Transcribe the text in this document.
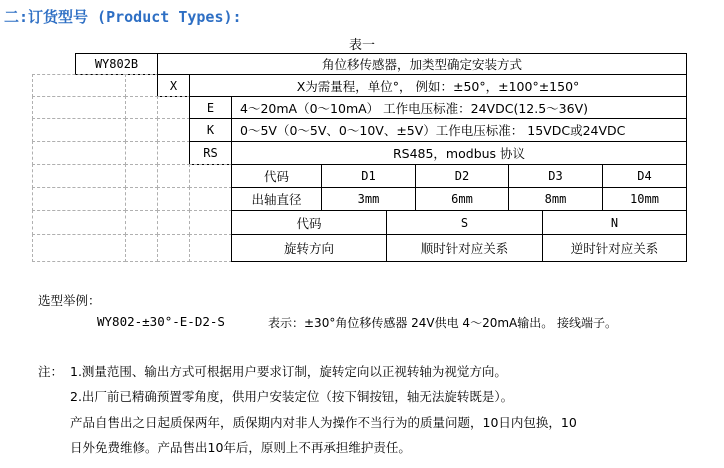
二:订货型号 (Product Types):
表一
WY802B	角位移传感器，加类型确定安装方式
X	X为需量程，单位°， 例如：±50°，±100°±150°
E	4～20mA（0～10mA） 工作电压标准：24VDC(12.5～36V)
K	0～5V（0～5V、0～10V、±5V）工作电压标准： 15VDC或24VDC
RS	RS485，modbus 协议
代码	D1	D2	D3	D4
出轴直径	3mm	6mm	8mm	10mm
代码	S	N
旋转方向	顺时针对应关系	逆时针对应关系
选型举例：
WY802-±30°-E-D2-S	表示：±30°角位移传感器 24V供电 4～20mA输出。 接线端子。
注： 1.测量范围、输出方式可根据用户要求订制，旋转定向以正视转轴为视觉方向。
2.出厂前已精确预置零角度，供用户安装定位（按下铜按钮，轴无法旋转既是）。
产品自售出之日起质保两年，质保期内对非人为操作不当行为的质量问题，10日内包换，10
日外免费维修。产品售出10年后，原则上不再承担维护责任。
